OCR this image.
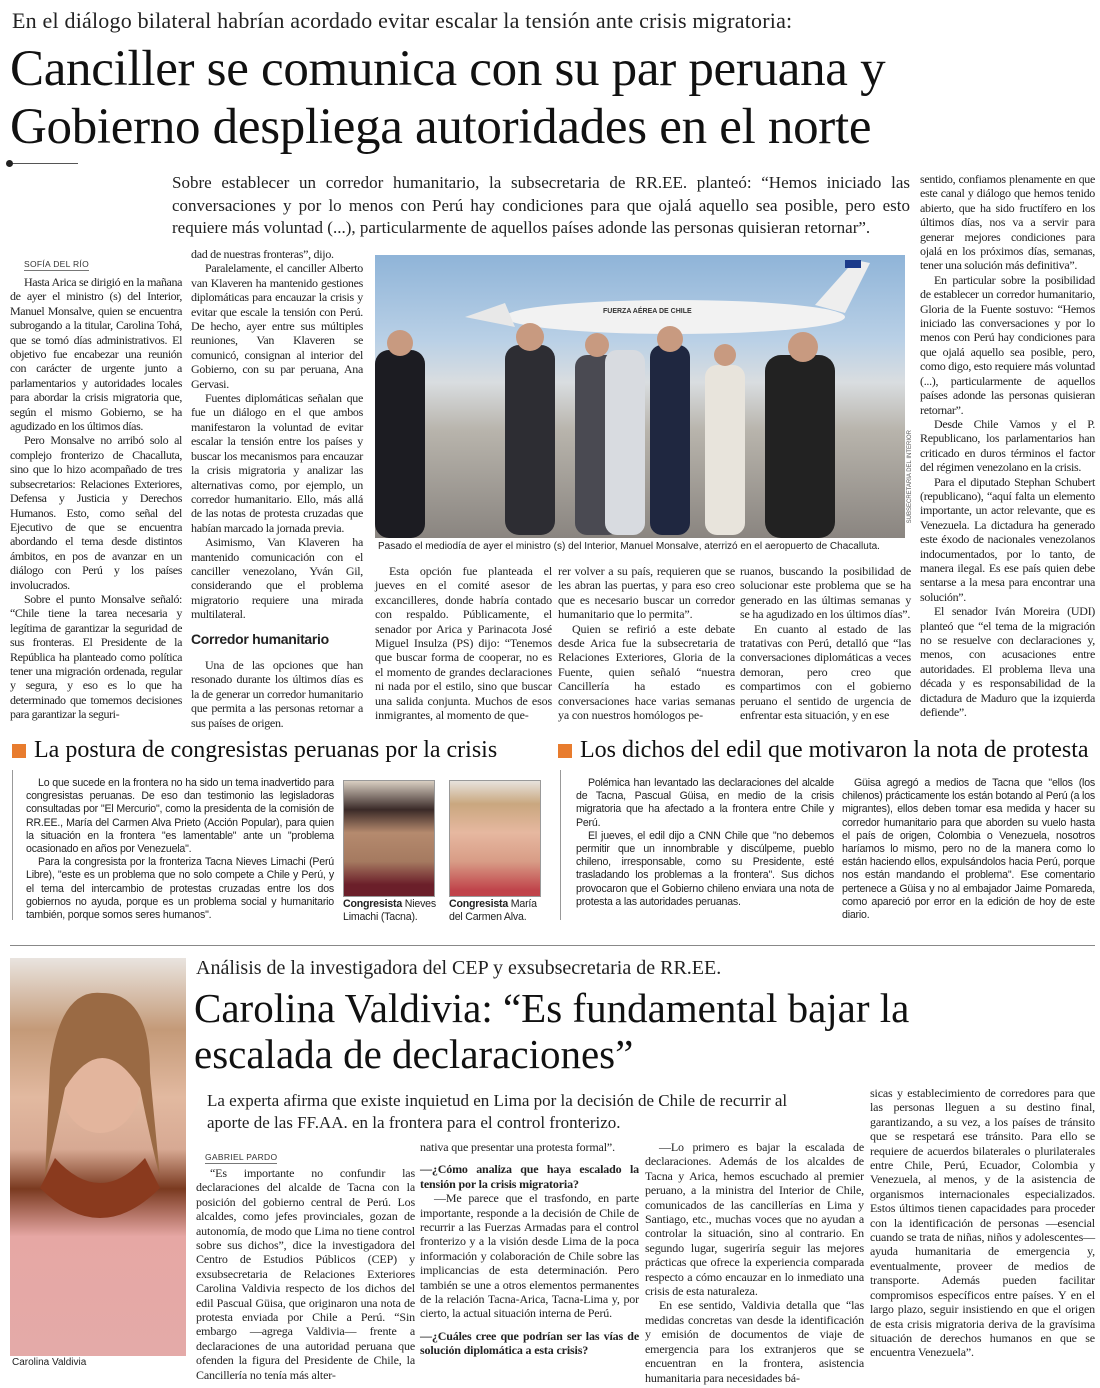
En el diálogo bilateral habrían acordado evitar escalar la tensión ante crisis migratoria:
Canciller se comunica con su par peruana y
Gobierno despliega autoridades en el norte
Sobre establecer un corredor humanitario, la subsecretaria de RR.EE. planteó: “Hemos iniciado las conversaciones y por lo menos con Perú hay condiciones para que ojalá aquello sea posible, pero esto requiere más voluntad (...), particularmente de aquellos países adonde las personas quisieran retornar”.
SOFÍA DEL RÍO

Hasta Arica se dirigió en la mañana de ayer el ministro (s) del Interior, Manuel Monsalve, quien se encuentra subrogando a la titular, Carolina Tohá, que se tomó días administrativos. El objetivo fue encabezar una reunión con carácter de urgente junto a parlamentarios y autoridades locales para abordar la crisis migratoria que, según el mismo Gobierno, se ha agudizado en los últimos días.

Pero Monsalve no arribó solo al complejo fronterizo de Chacalluta, sino que lo hizo acompañado de tres subsecretarios: Relaciones Exteriores, Defensa y Justicia y Derechos Humanos. Esto, como señal del Ejecutivo de que se encuentra abordando el tema desde distintos ámbitos, en pos de avanzar en un diálogo con Perú y los países involucrados.

Sobre el punto Monsalve señaló: “Chile tiene la tarea necesaria y legítima de garantizar la seguridad de sus fronteras. El Presidente de la República ha planteado como política tener una migración ordenada, regular y segura, y eso es lo que ha determinado que tomemos decisiones para garantizar la seguri-

dad de nuestras fronteras”, dijo.

Paralelamente, el canciller Alberto van Klaveren ha mantenido gestiones diplomáticas para encauzar la crisis y evitar que escale la tensión con Perú. De hecho, ayer entre sus múltiples reuniones, Van Klaveren se comunicó, consignan al interior del Gobierno, con su par peruana, Ana Gervasi.

Fuentes diplomáticas señalan que fue un diálogo en el que ambos manifestaron la voluntad de evitar escalar la tensión entre los países y buscar los mecanismos para encauzar la crisis migratoria y analizar las alternativas como, por ejemplo, un corredor humanitario. Ello, más allá de las notas de protesta cruzadas que habían marcado la jornada previa.

Asimismo, Van Klaveren ha mantenido comunicación con el canciller venezolano, Yván Gil, considerando que el problema migratorio requiere una mirada multilateral.

Corredor humanitario

Una de las opciones que han resonado durante los últimos días es la de generar un corredor humanitario que permita a las personas retornar a sus países de origen.

FUERZA AÉREA DE CHILE
SUBSECRETARÍA DEL INTERIOR
Pasado el mediodía de ayer el ministro (s) del Interior, Manuel Monsalve, aterrizó en el aeropuerto de Chacalluta.

Esta opción fue planteada el jueves en el comité asesor de excancilleres, donde habría contado con respaldo. Públicamente, el senador por Arica y Parinacota José Miguel Insulza (PS) dijo: “Tenemos que buscar forma de cooperar, no es el momento de grandes declaraciones ni nada por el estilo, sino que buscar una salida conjunta. Muchos de esos inmigrantes, al momento de que-

rer volver a su país, requieren que se les abran las puertas, y para eso creo que es necesario buscar un corredor humanitario que lo permita”.

Quien se refirió a este debate desde Arica fue la subsecretaria de Relaciones Exteriores, Gloria de la Fuente, quien señaló “nuestra Cancillería ha estado es conversaciones hace varias semanas ya con nuestros homólogos pe-

ruanos, buscando la posibilidad de solucionar este problema que se ha generado en las últimas semanas y se ha agudizado en los últimos días”.

En cuanto al estado de las tratativas con Perú, detalló que “las conversaciones diplomáticas a veces demoran, pero creo que compartimos con el gobierno peruano el sentido de urgencia de enfrentar esta situación, y en ese

sentido, confiamos plenamente en que este canal y diálogo que hemos tenido abierto, que ha sido fructífero en los últimos días, nos va a servir para generar mejores condiciones para ojalá en los próximos días, semanas, tener una solución más definitiva”.

En particular sobre la posibilidad de establecer un corredor humanitario, Gloria de la Fuente sostuvo: “Hemos iniciado las conversaciones y por lo menos con Perú hay condiciones para que ojalá aquello sea posible, pero, como digo, esto requiere más voluntad (...), particularmente de aquellos países adonde las personas quisieran retornar”.

Desde Chile Vamos y el P. Republicano, los parlamentarios han criticado en duros términos el factor del régimen venezolano en la crisis.

Para el diputado Stephan Schubert (republicano), “aquí falta un elemento importante, un actor relevante, que es Venezuela. La dictadura ha generado este éxodo de nacionales venezolanos indocumentados, por lo tanto, de manera ilegal. Es ese país quien debe sentarse a la mesa para encontrar una solución”.

El senador Iván Moreira (UDI) planteó que “el tema de la migración no se resuelve con declaraciones y, menos, con acusaciones entre autoridades. El problema lleva una década y es responsabilidad de la dictadura de Maduro que la izquierda defiende”.

La postura de congresistas peruanas por la crisis

Lo que sucede en la frontera no ha sido un tema inadvertido para congresistas peruanas. De eso dan testimonio las legisladoras consultadas por "El Mercurio", como la presidenta de la comisión de RR.EE., María del Carmen Alva Prieto (Acción Popular), para quien la situación en la frontera "es lamentable" ante un "problema ocasionado en años por Venezuela".

Para la congresista por la fronteriza Tacna Nieves Limachi (Perú Libre), "este es un problema que no solo compete a Chile y Perú, y el tema del intercambio de protestas cruzadas entre los dos gobiernos no ayuda, porque es un problema social y humanitario también, porque somos seres humanos".

Congresista Nieves Limachi (Tacna).
Congresista María del Carmen Alva.
Los dichos del edil que motivaron la nota de protesta

Polémica han levantado las declaraciones del alcalde de Tacna, Pascual Güisa, en medio de la crisis migratoria que ha afectado a la frontera entre Chile y Perú.

El jueves, el edil dijo a CNN Chile que "no debemos permitir que un innombrable y discúlpeme, pueblo chileno, irresponsable, como su Presidente, esté trasladando los problemas a la frontera". Sus dichos provocaron que el Gobierno chileno enviara una nota de protesta a las autoridades peruanas.

Güisa agregó a medios de Tacna que "ellos (los chilenos) prácticamente los están botando al Perú (a los migrantes), ellos deben tomar esa medida y hacer su corredor humanitario para que aborden su vuelo hasta el país de origen, Colombia o Venezuela, nosotros haríamos lo mismo, pero no de la manera como lo están haciendo ellos, expulsándolos hacia Perú, porque nos están mandando el problema". Ese comentario pertenece a Güisa y no al embajador Jaime Pomareda, como apareció por error en la edición de hoy de este diario.

Carolina Valdivia
Análisis de la investigadora del CEP y exsubsecretaria de RR.EE.
Carolina Valdivia: “Es fundamental bajar la
escalada de declaraciones”
La experta afirma que existe inquietud en Lima por la decisión de Chile de recurrir al aporte de las FF.AA. en la frontera para el control fronterizo.
GABRIEL PARDO

“Es importante no confundir las declaraciones del alcalde de Tacna con la posición del gobierno central de Perú. Los alcaldes, como jefes provinciales, gozan de autonomía, de modo que Lima no tiene control sobre sus dichos”, dice la investigadora del Centro de Estudios Públicos (CEP) y exsubsecretaria de Relaciones Exteriores Carolina Valdivia respecto de los dichos del edil Pascual Güisa, que originaron una nota de protesta enviada por Chile a Perú. “Sin embargo —agrega Valdivia— frente a declaraciones de una autoridad peruana que ofenden la figura del Presidente de Chile, la Cancillería no tenía más alter-

nativa que presentar una protesta formal”.

—¿Cómo analiza que haya escalado la tensión por la crisis migratoria?

—Me parece que el trasfondo, en parte importante, responde a la decisión de Chile de recurrir a las Fuerzas Armadas para el control fronterizo y a la visión desde Lima de la poca información y colaboración de Chile sobre las implicancias de esta determinación. Pero también se une a otros elementos permanentes de la relación Tacna-Arica, Tacna-Lima y, por cierto, la actual situación interna de Perú.

—¿Cuáles cree que podrían ser las vías de solución diplomática a esta crisis?

—Lo primero es bajar la escalada de declaraciones. Además de los alcaldes de Tacna y Arica, hemos escuchado al premier peruano, a la ministra del Interior de Chile, comunicados de las cancillerías en Lima y Santiago, etc., muchas voces que no ayudan a controlar la situación, sino al contrario. En segundo lugar, sugeriría seguir las mejores prácticas que ofrece la experiencia comparada respecto a cómo encauzar en lo inmediato una crisis de esta naturaleza.

En ese sentido, Valdivia detalla que “las medidas concretas van desde la identificación y emisión de documentos de viaje de emergencia para los extranjeros que se encuentran en la frontera, asistencia humanitaria para necesidades bá-

sicas y establecimiento de corredores para que las personas lleguen a su destino final, garantizando, a su vez, a los países de tránsito que se respetará ese tránsito. Para ello se requiere de acuerdos bilaterales o plurilaterales entre Chile, Perú, Ecuador, Colombia y Venezuela, al menos, y de la asistencia de organismos internacionales especializados. Estos últimos tienen capacidades para proceder con la identificación de personas —esencial cuando se trata de niñas, niños y adolescentes— ayuda humanitaria de emergencia y, eventualmente, proveer de medios de transporte. Además pueden facilitar compromisos específicos entre países. Y en el largo plazo, seguir insistiendo en que el origen de esta crisis migratoria deriva de la gravísima situación de derechos humanos en que se encuentra Venezuela”.
